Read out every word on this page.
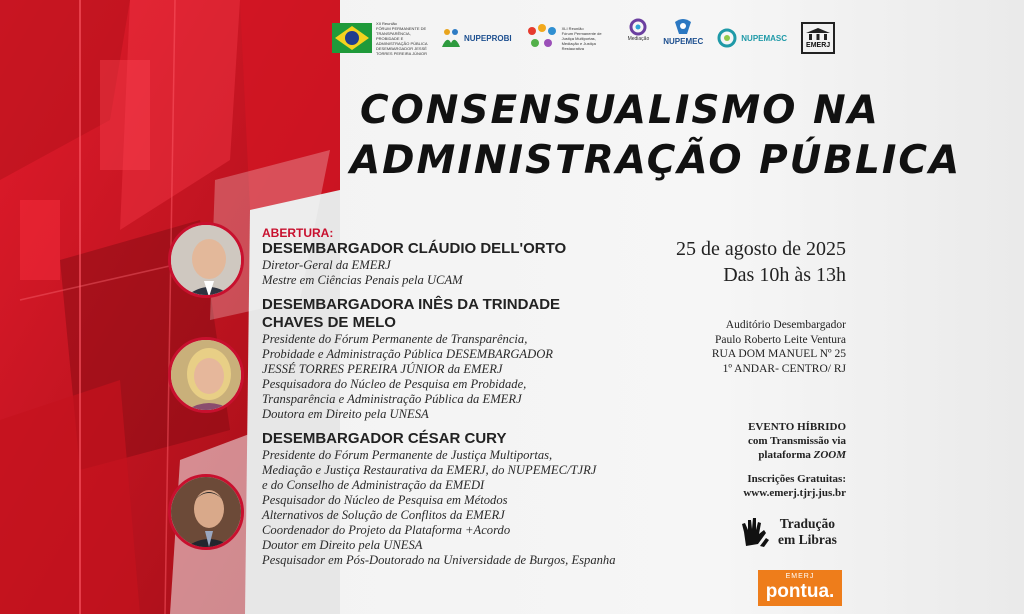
XII Reunião
FÓRUM PERMANENTE DE TRANSPARÊNCIA, PROBIDADE E ADMINISTRAÇÃO PÚBLICA
DESEMBARGADOR JESSÉ TORRES PEREIRA JÚNIOR
NUPEPROBI
XLI Reunião
Fórum Permanente de Justiça Multiportas, Mediação e Justiça Restaurativa
Mediação NUPEMEC	NUPEMASC
EMERJ
CONSENSUALISMO NA
ADMINISTRAÇÃO PÚBLICA
ABERTURA:
DESEMBARGADOR CLÁUDIO DELL'ORTO
Diretor-Geral da EMERJ
Mestre em Ciências Penais pela UCAM
DESEMBARGADORA INÊS DA TRINDADE
CHAVES DE MELO
Presidente do Fórum Permanente de Transparência,
Probidade e Administração Pública DESEMBARGADOR
JESSÉ TORRES PEREIRA JÚNIOR da EMERJ
Pesquisadora do Núcleo de Pesquisa em Probidade,
Transparência e Administração Pública da EMERJ
Doutora em Direito pela UNESA
DESEMBARGADOR CÉSAR CURY
Presidente do Fórum Permanente de Justiça Multiportas,
Mediação e Justiça Restaurativa da EMERJ, do NUPEMEC/TJRJ
e do Conselho de Administração da EMEDI
Pesquisador do Núcleo de Pesquisa em Métodos
Alternativos de Solução de Conflitos da EMERJ
Coordenador do Projeto da Plataforma +Acordo
Doutor em Direito pela UNESA
Pesquisador em Pós-Doutorado na Universidade de Burgos, Espanha
25 de agosto de 2025
Das 10h às 13h
Auditório Desembargador
Paulo Roberto Leite Ventura
RUA DOM MANUEL Nº 25
1º ANDAR- CENTRO/ RJ
EVENTO HÍBRIDO
com Transmissão via
plataforma ZOOM
Inscrições Gratuitas:
www.emerj.tjrj.jus.br
Tradução
em Libras
EMERJ
pontua.
